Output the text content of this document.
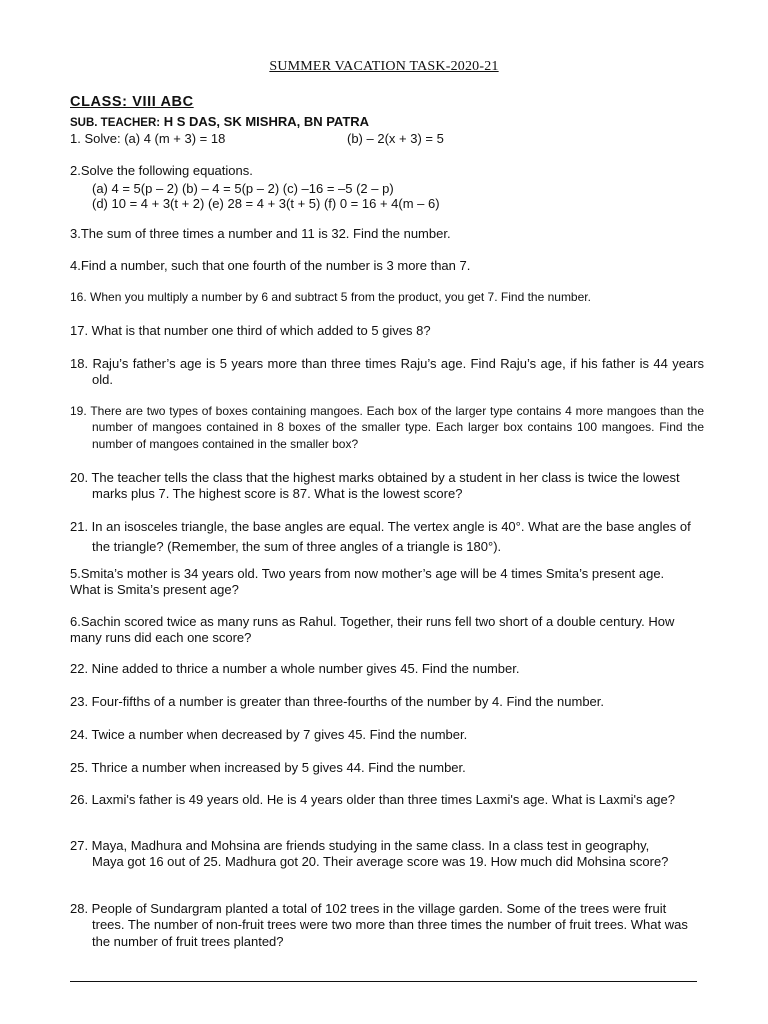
SUMMER VACATION TASK-2020-21
CLASS: VIII ABC
SUB. TEACHER: H S DAS, SK MISHRA, BN PATRA
1. Solve: (a) 4 (m + 3) = 18	(b) – 2(x + 3) = 5
2.Solve the following equations.
(a) 4 = 5(p – 2) (b) – 4 = 5(p – 2) (c) –16 = –5 (2 – p)
(d) 10 = 4 + 3(t + 2) (e) 28 = 4 + 3(t + 5) (f) 0 = 16 + 4(m – 6)
3.The sum of three times a number and 11 is 32. Find the number.
4.Find a number, such that one fourth of the number is 3 more than 7.
16. When you multiply a number by 6 and subtract 5 from the product, you get 7. Find the number.
17. What is that number one third of which added to 5 gives 8?
18. Raju’s father’s age is 5 years more than three times Raju’s age. Find Raju’s age, if his father is 44 years old.
19. There are two types of boxes containing mangoes. Each box of the larger type contains 4 more mangoes than the number of mangoes contained in 8 boxes of the smaller type. Each larger box contains 100 mangoes. Find the number of mangoes contained in the smaller box?
20. The teacher tells the class that the highest marks obtained by a student in her class is twice the lowest marks plus 7. The highest score is 87. What is the lowest score?
21. In an isosceles triangle, the base angles are equal. The vertex angle is 40°. What are the base angles of the triangle? (Remember, the sum of three angles of a triangle is 180°).
5.Smita’s mother is 34 years old. Two years from now mother’s age will be 4 times Smita’s present age. What is Smita’s present age?
6.Sachin scored twice as many runs as Rahul. Together, their runs fell two short of a double century. How many runs did each one score?
22. Nine added to thrice a number a whole number gives 45. Find the number.
23. Four-fifths of a number is greater than three-fourths of the number by 4. Find the number.
24. Twice a number when decreased by 7 gives 45. Find the number.
25. Thrice a number when increased by 5 gives 44. Find the number.
26. Laxmi's father is 49 years old. He is 4 years older than three times Laxmi's age. What is Laxmi's age?
27. Maya, Madhura and Mohsina are friends studying in the same class. In a class test in geography, Maya got 16 out of 25. Madhura got 20. Their average score was 19. How much did Mohsina score?
28. People of Sundargram planted a total of 102 trees in the village garden. Some of the trees were fruit trees. The number of non-fruit trees were two more than three times the number of fruit trees. What was the number of fruit trees planted?
